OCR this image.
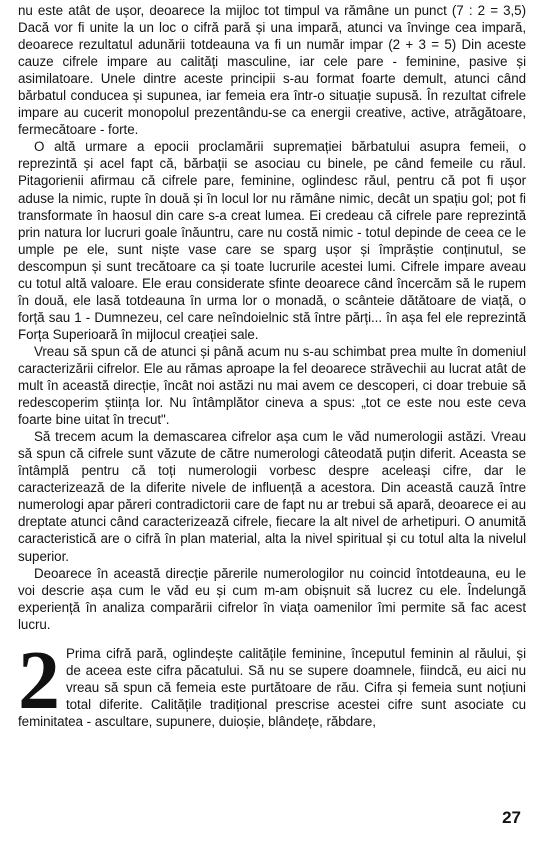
nu este atât de ușor, deoarece la mijloc tot timpul va rămâne un punct (7 : 2 = 3,5) Dacă vor fi unite la un loc o cifră pară și una impară, atunci va învinge cea impară, deoarece rezultatul adunării totdeauna va fi un număr impar (2 + 3 = 5) Din aceste cauze cifrele impare au calități masculine, iar cele pare - feminine, pasive și asimilatoare. Unele dintre aceste principii s-au format foarte demult, atunci când bărbatul conducea și supunea, iar femeia era într-o situație supusă. În rezultat cifrele impare au cucerit monopolul prezentându-se ca energii creative, active, atrăgătoare, fermecătoare - forte.

O altă urmare a epocii proclamării supremației bărbatului asupra femeii, o reprezintă și acel fapt că, bărbații se asociau cu binele, pe când femeile cu răul. Pitagorienii afirmau că cifrele pare, feminine, oglindesc răul, pentru că pot fi ușor aduse la nimic, rupte în două și în locul lor nu rămâne nimic, decât un spațiu gol; pot fi transformate în haosul din care s-a creat lumea. Ei credeau că cifrele pare reprezintă prin natura lor lucruri goale înăuntru, care nu costă nimic - totul depinde de ceea ce le umple pe ele, sunt niște vase care se sparg ușor și împrăștie conținutul, se descompun și sunt trecătoare ca și toate lucrurile acestei lumi. Cifrele impare aveau cu totul altă valoare. Ele erau considerate sfinte deoarece când încercăm să le rupem în două, ele lasă totdeauna în urma lor o monadă, o scânteie dătătoare de viață, o forță sau 1 - Dumnezeu, cel care neîndoielnic stă între părți... în așa fel ele reprezintă Forța Superioară în mijlocul creației sale.

Vreau să spun că de atunci și până acum nu s-au schimbat prea multe în domeniul caracterizării cifrelor. Ele au rămas aproape la fel deoarece străvechii au lucrat atât de mult în această direcție, încât noi astăzi nu mai avem ce descoperi, ci doar trebuie să redescoperim știința lor. Nu întâmplător cineva a spus: „tot ce este nou este ceva foarte bine uitat în trecut".

Să trecem acum la demascarea cifrelor așa cum le văd numerologii astăzi. Vreau să spun că cifrele sunt văzute de către numerologi câteodată puțin diferit. Aceasta se întâmplă pentru că toți numerologii vorbesc despre aceleași cifre, dar le caracterizează de la diferite nivele de influență a acestora. Din această cauză între numerologi apar păreri contradictorii care de fapt nu ar trebui să apară, deoarece ei au dreptate atunci când caracterizează cifrele, fiecare la alt nivel de arhetipuri. O anumită caracteristică are o cifră în plan material, alta la nivel spiritual și cu totul alta la nivelul superior.

Deoarece în această direcție părerile numerologilor nu coincid întotdeauna, eu le voi descrie așa cum le văd eu și cum m-am obișnuit să lucrez cu ele. Îndelungă experiență în analiza comparării cifrelor în viața oamenilor îmi permite să fac acest lucru.

2 Prima cifră pară, oglindește calitățile feminine, începutul feminin al răului, și de aceea este cifra păcatului. Să nu se supere doamnele, fiindcă, eu aici nu vreau să spun că femeia este purtătoare de rău. Cifra și femeia sunt noțiuni total diferite. Calitățile tradițional prescrise acestei cifre sunt asociate cu feminitatea - ascultare, supunere, duioșie, blândețe, răbdare,

27
